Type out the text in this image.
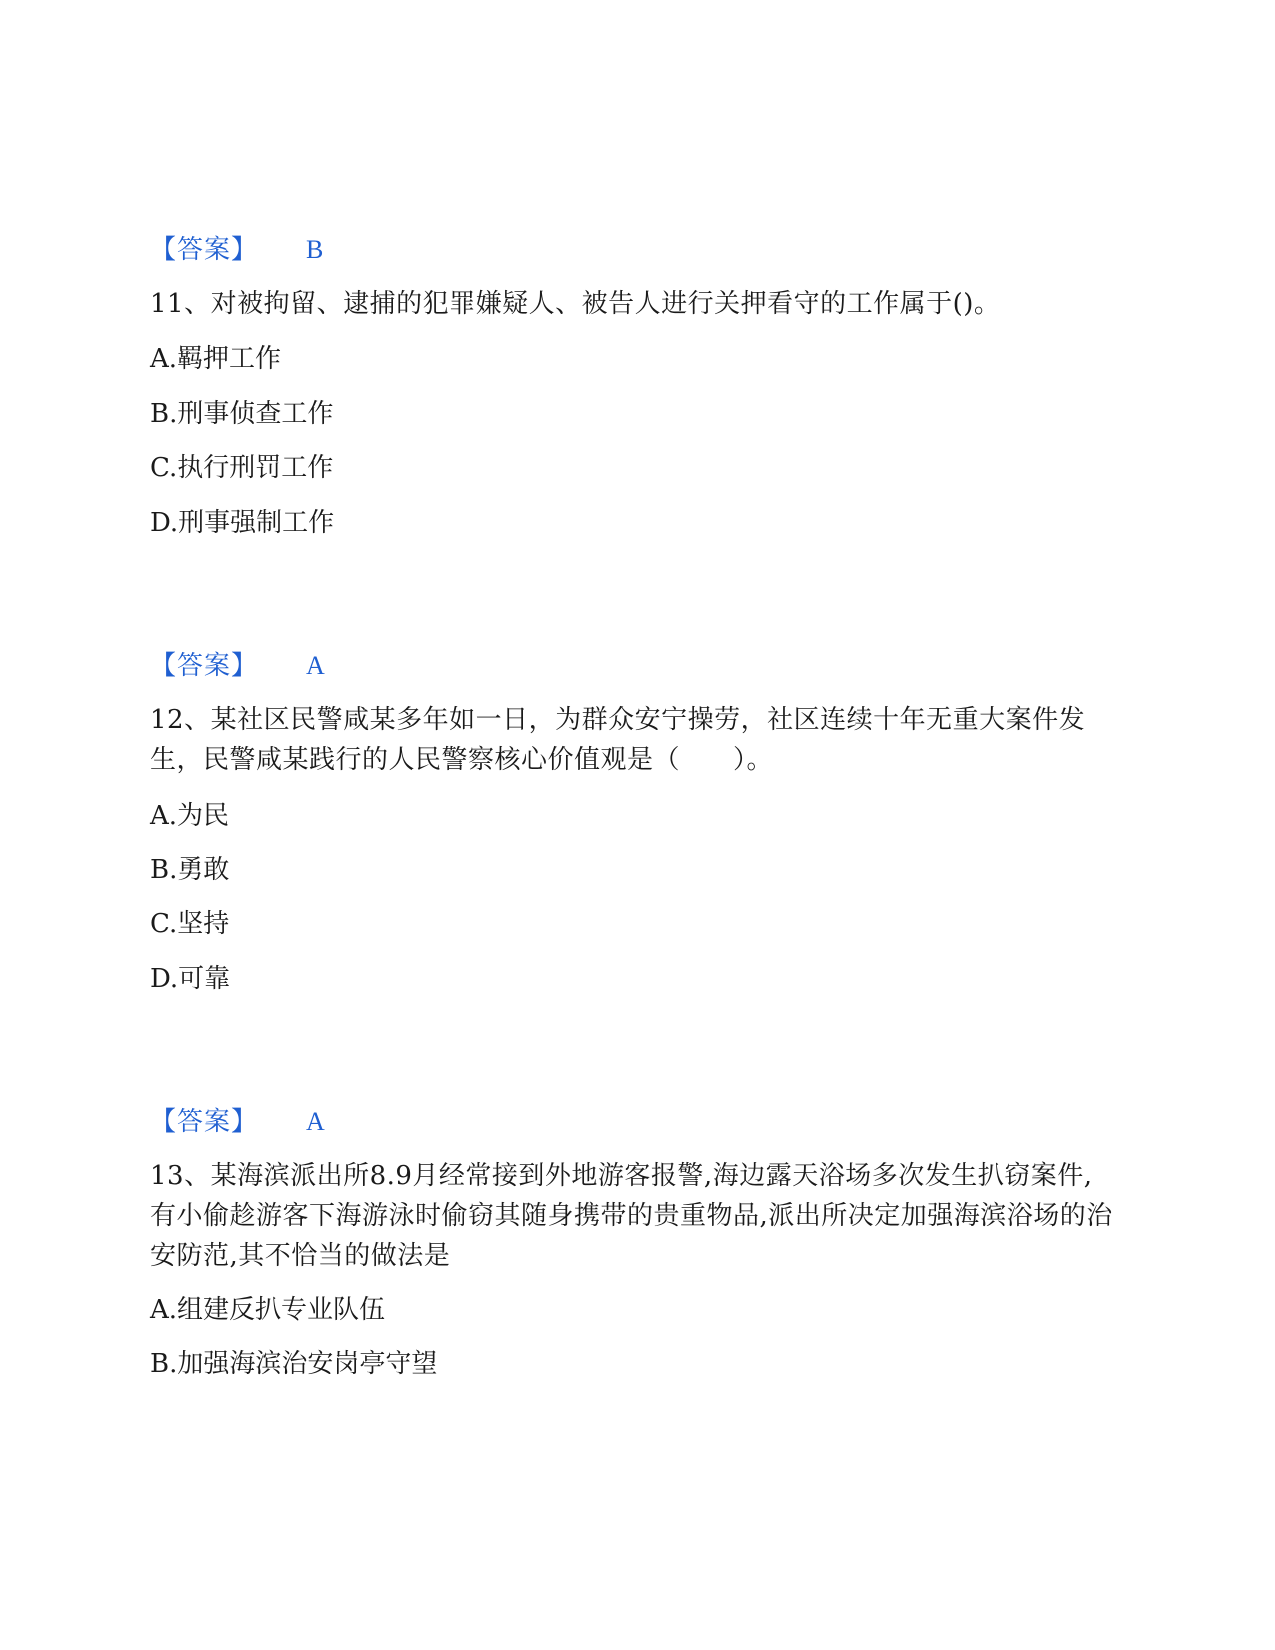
【答案】 B
11、对被拘留、逮捕的犯罪嫌疑人、被告人进行关押看守的工作属于()。
A.羁押工作
B.刑事侦查工作
C.执行刑罚工作
D.刑事强制工作
【答案】 A
12、某社区民警咸某多年如一日，为群众安宁操劳，社区连续十年无重大案件发生，民警咸某践行的人民警察核心价值观是（　　）。
A.为民
B.勇敢
C.坚持
D.可靠
【答案】 A
13、某海滨派出所8.9月经常接到外地游客报警,海边露天浴场多次发生扒窃案件,有小偷趁游客下海游泳时偷窃其随身携带的贵重物品,派出所决定加强海滨浴场的治安防范,其不恰当的做法是
A.组建反扒专业队伍
B.加强海滨治安岗亭守望
